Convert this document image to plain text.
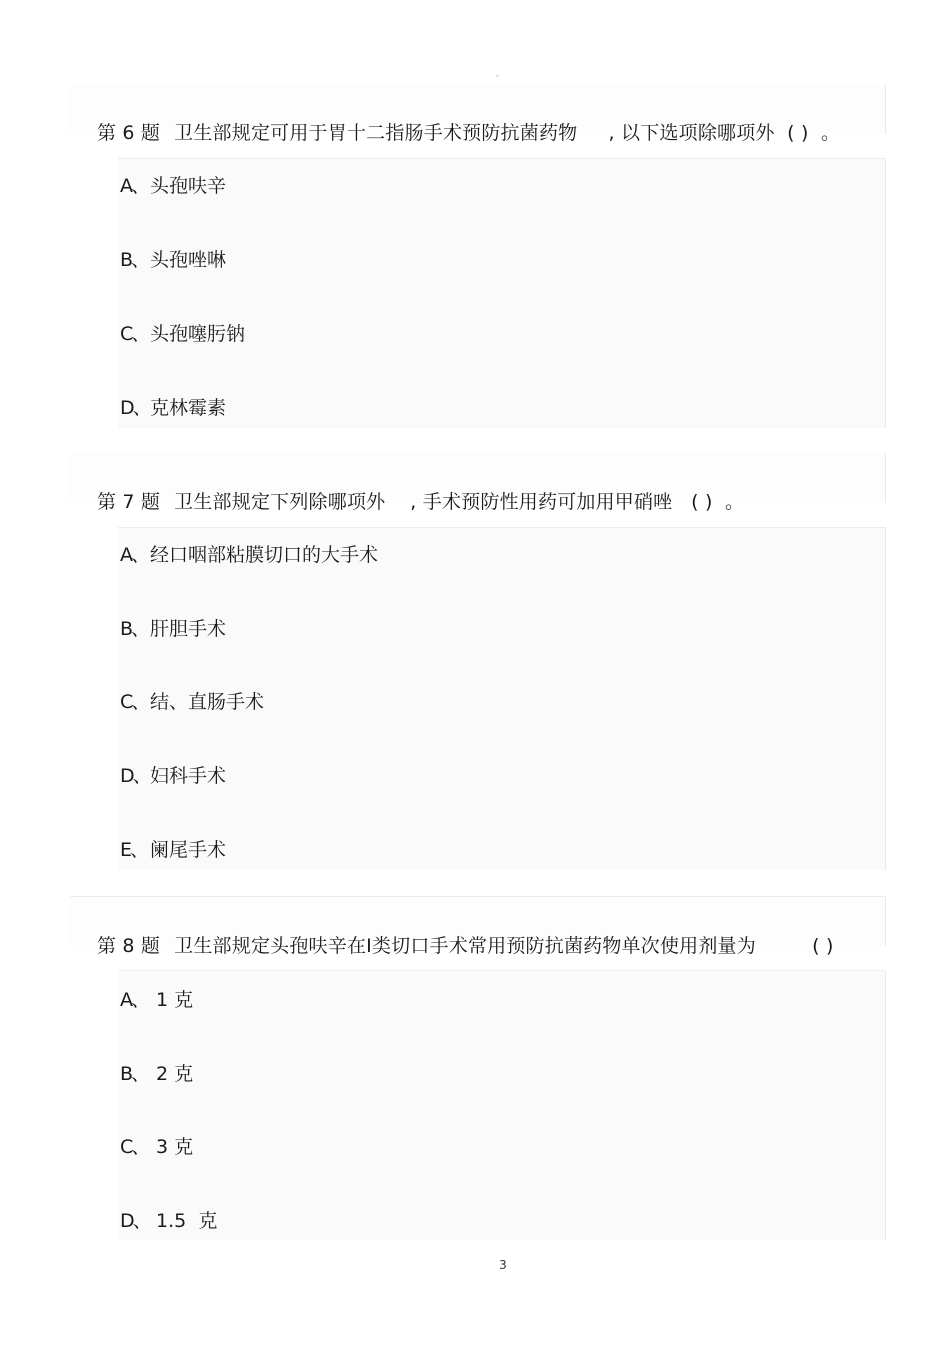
。

第 6 题 卫生部规定可用于胃十二指肠手术预防抗菌药物     , 以下选项除哪项外  ( )  。

A、 头孢呋辛
B、 头孢唑啉
C、头孢噻肟钠
D、克林霉素

第 7 题 卫生部规定下列除哪项外    , 手术预防性用药可加用甲硝唑   ( )  。

A、 经口咽部粘膜切口的大手术
B、 肝胆手术
C、结、直肠手术
D、妇科手术
E、 阑尾手术

第 8 题 卫生部规定头孢呋辛在Ⅰ类切口手术常用预防抗菌药物单次使用剂量为         ( )

A、 1 克
B、 2 克
C、 3 克
D、 1.5  克
3
